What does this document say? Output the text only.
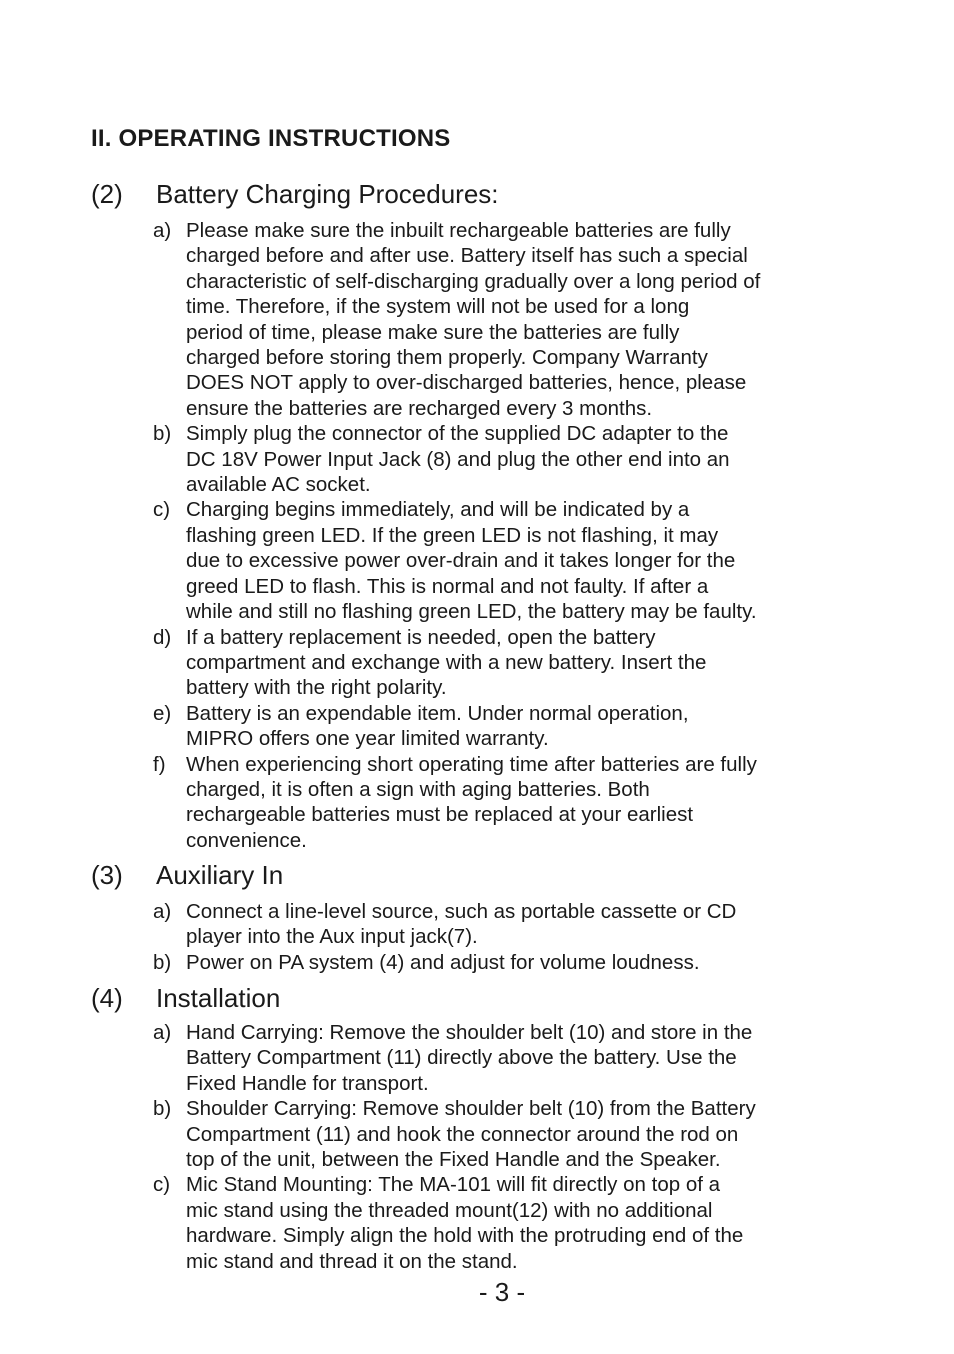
II. OPERATING INSTRUCTIONS
(2) Battery Charging Procedures:
a) Please make sure the inbuilt rechargeable batteries are fully
charged before and after use. Battery itself has such a special
characteristic of self-discharging gradually over a long period of
time. Therefore, if the system will not be used for a long
period of time, please make sure the batteries are fully
charged before storing them properly. Company Warranty
DOES NOT apply to over-discharged batteries, hence, please
ensure the batteries are recharged every 3 months.
b) Simply plug the connector of the supplied DC adapter to the
DC 18V Power Input Jack (8) and plug the other end into an
available AC socket.
c) Charging begins immediately, and will be indicated by a
flashing green LED. If the green LED is not flashing, it may
due to excessive power over-drain and it takes longer for the
greed LED to flash. This is normal and not faulty. If after a
while and still no flashing green LED, the battery may be faulty.
d) If a battery replacement is needed, open the battery
compartment and exchange with a new battery. Insert the
battery with the right polarity.
e) Battery is an expendable item. Under normal operation,
MIPRO offers one year limited warranty.
f) When experiencing short operating time after batteries are fully
charged, it is often a sign with aging batteries. Both
rechargeable batteries must be replaced at your earliest
convenience.
(3) Auxiliary In
a) Connect a line-level source, such as portable cassette or CD
player into the Aux input jack(7).
b) Power on PA system (4) and adjust for volume loudness.
(4) Installation
a) Hand Carrying: Remove the shoulder belt (10) and store in the
Battery Compartment (11) directly above the battery. Use the
Fixed Handle for transport.
b) Shoulder Carrying: Remove shoulder belt (10) from the Battery
Compartment (11) and hook the connector around the rod on
top of the unit, between the Fixed Handle and the Speaker.
c) Mic Stand Mounting: The MA-101 will fit directly on top of a
mic stand using the threaded mount(12) with no additional
hardware. Simply align the hold with the protruding end of the
mic stand and thread it on the stand.
- 3 -
